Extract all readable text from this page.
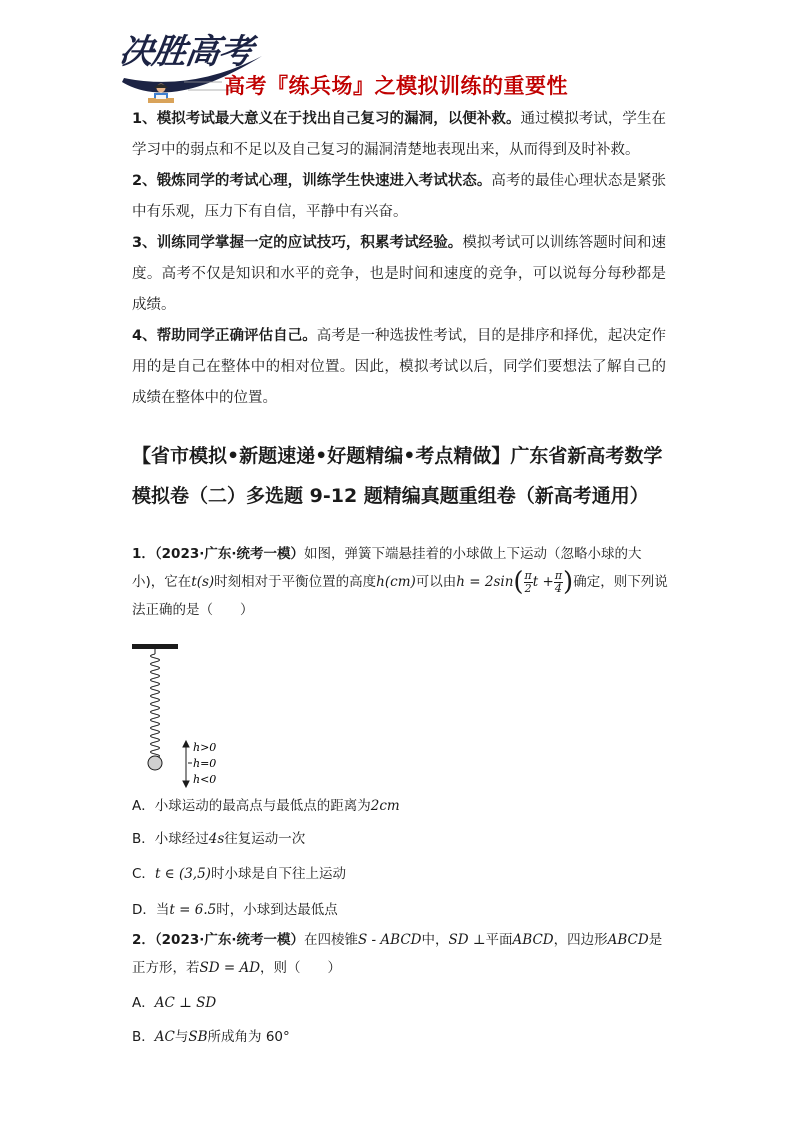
决胜高考
高考『练兵场』之模拟训练的重要性

1、模拟考试最大意义在于找出自己复习的漏洞，以便补救。通过模拟考试，学生在学习中的弱点和不足以及自己复习的漏洞清楚地表现出来，从而得到及时补救。

2、锻炼同学的考试心理，训练学生快速进入考试状态。高考的最佳心理状态是紧张中有乐观，压力下有自信，平静中有兴奋。

3、训练同学掌握一定的应试技巧，积累考试经验。模拟考试可以训练答题时间和速度。高考不仅是知识和水平的竞争，也是时间和速度的竞争，可以说每分每秒都是成绩。

4、帮助同学正确评估自己。高考是一种选拔性考试，目的是排序和择优，起决定作用的是自己在整体中的相对位置。因此，模拟考试以后，同学们要想法了解自己的成绩在整体中的位置。

【省市模拟•新题速递•好题精编•考点精做】广东省新高考数学模拟卷（二）多选题 9-12 题精编真题重组卷（新高考通用）
1．（2023·广东·统考一模）如图，弹簧下端悬挂着的小球做上下运动（忽略小球的大小)，它在t(s)时刻相对于平衡位置的高度h(cm)可以由$h = 2\sin( \frac{\pi}{2}$ $t + \frac{\pi}{4}$ )确定，则下列说法正确的是（　　）
h>0
h=0
h<0
A．小球运动的最高点与最低点的距离为2cm
B．小球经过4s往复运动一次
C．t ∈ (3,5)时小球是自下往上运动
D．当t = 6.5时，小球到达最低点
2．（2023·广东·统考一模）在四棱锥S - ABCD中，SD ⊥平面ABCD，四边形ABCD是正方形，若SD = AD，则（　　）
A．AC ⊥ SD
B．AC与SB所成角为 60°
